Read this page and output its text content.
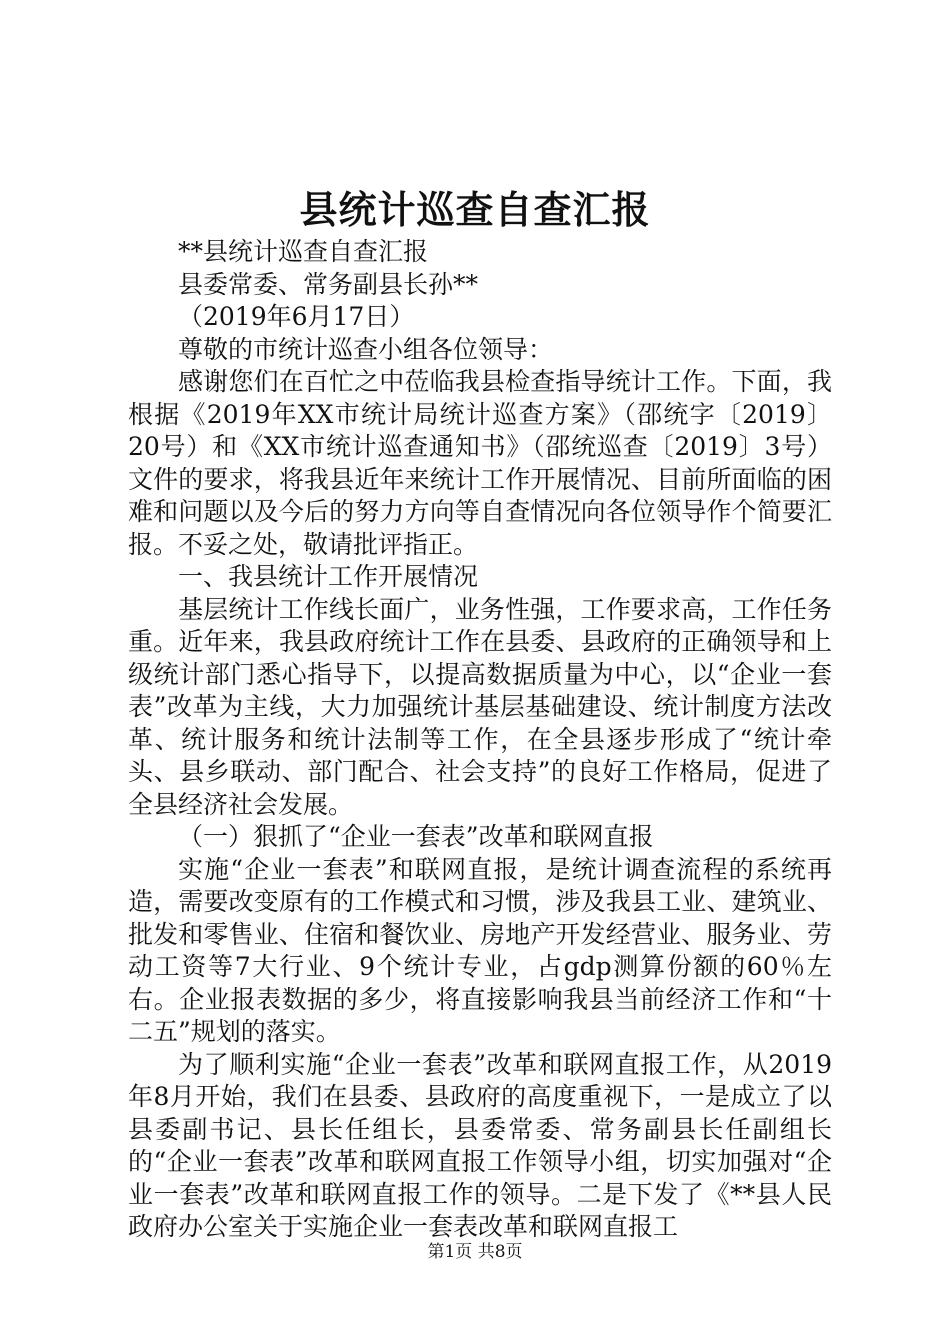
县统计巡查自查汇报

**县统计巡查自查汇报

县委常委、常务副县长孙**

（2019年6月17日）

尊敬的市统计巡查小组各位领导：

感谢您们在百忙之中莅临我县检查指导统计工作。下面，我根据《2019年XX市统计局统计巡查方案》（邵统字〔2019〕20号）和《XX市统计巡查通知书》（邵统巡查〔2019〕3号）文件的要求，将我县近年来统计工作开展情况、目前所面临的困难和问题以及今后的努力方向等自查情况向各位领导作个简要汇报。不妥之处，敬请批评指正。

一、我县统计工作开展情况

基层统计工作线长面广，业务性强，工作要求高，工作任务重。近年来，我县政府统计工作在县委、县政府的正确领导和上级统计部门悉心指导下，以提高数据质量为中心，以“企业一套表”改革为主线，大力加强统计基层基础建设、统计制度方法改革、统计服务和统计法制等工作，在全县逐步形成了“统计牵头、县乡联动、部门配合、社会支持”的良好工作格局，促进了全县经济社会发展。

（一）狠抓了“企业一套表”改革和联网直报

实施“企业一套表”和联网直报，是统计调查流程的系统再造，需要改变原有的工作模式和习惯，涉及我县工业、建筑业、批发和零售业、住宿和餐饮业、房地产开发经营业、服务业、劳动工资等7大行业、9个统计专业，占gdp测算份额的60％左右。企业报表数据的多少，将直接影响我县当前经济工作和“十二五”规划的落实。

为了顺利实施“企业一套表”改革和联网直报工作，从2019年8月开始，我们在县委、县政府的高度重视下，一是成立了以县委副书记、县长任组长，县委常委、常务副县长任副组长的“企业一套表”改革和联网直报工作领导小组，切实加强对“企业一套表”改革和联网直报工作的领导。二是下发了《**县人民政府办公室关于实施企业一套表改革和联网直报工

第1页 共8页
